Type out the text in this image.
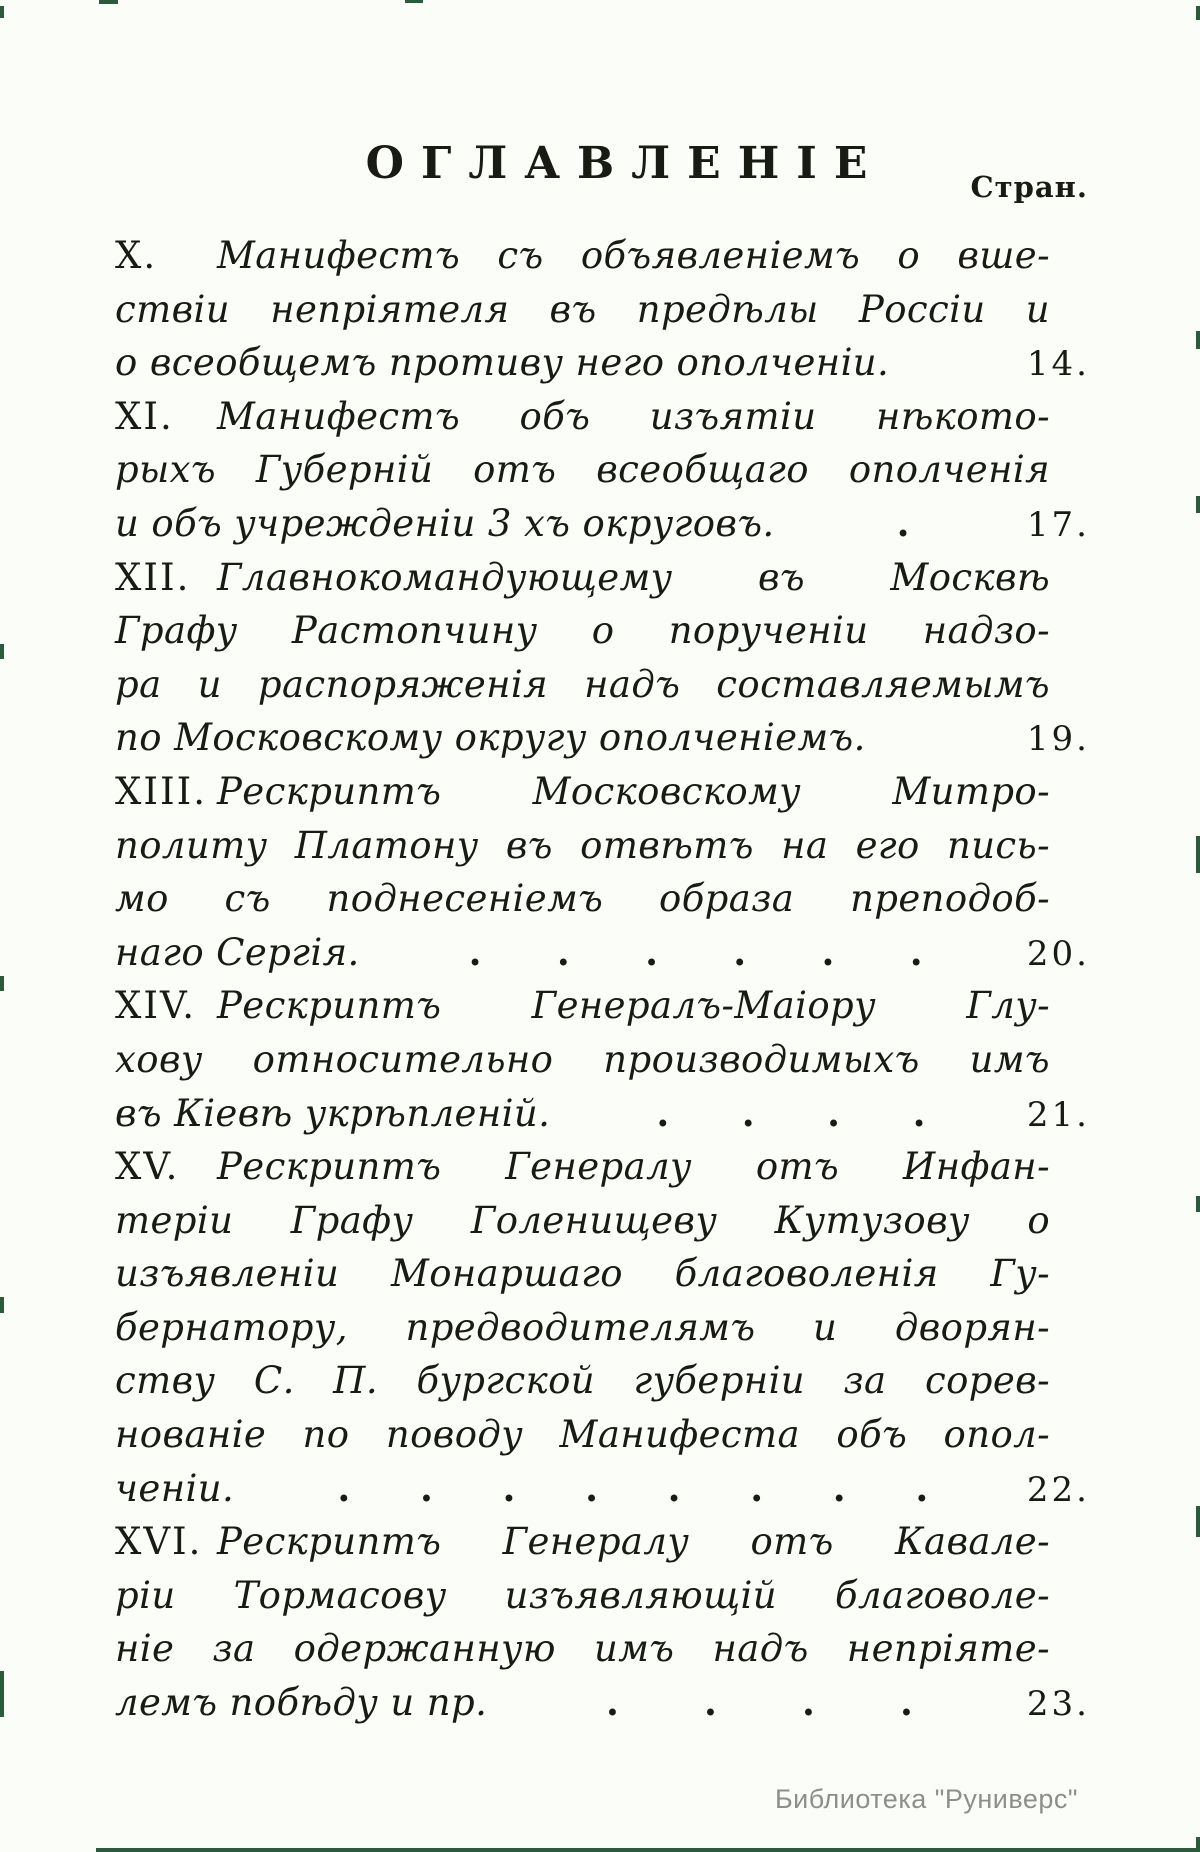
ОГЛАВЛЕНІЕ	Стран.
X. Манифестъ съ объявленіемъ о вше-
ствіи непріятеля въ предѣлы Россіи и
о всеобщемъ противу него ополченіи.	14.
XI. Манифестъ объ изъятіи нѣкото-
рыхъ Губерній отъ всеобщаго ополченія
и объ учрежденіи 3 хъ округовъ.	.	17.
XII. Главнокомандующему въ Москвѣ
Графу Растопчину о порученіи надзо-
ра и распоряженія надъ составляемымъ
по Московскому округу ополченіемъ.	19.
XIII. Рескриптъ Московскому Митро-
политу Платону въ отвѣтъ на его пись-
мо съ поднесеніемъ образа преподоб-
наго Сергія.	. . . . . .	20.
XIV. Рескриптъ Генералъ-Маіору Глу-
хову относительно производимыхъ имъ
въ Кіевѣ укрѣпленій.	. . . .	21.
XV. Рескриптъ Генералу отъ Инфан-
теріи Графу Голенищеву Кутузову о
изъявленіи Монаршаго благоволенія Гу-
бернатору, предводителямъ и дворян-
ству С. П. бургской губерніи за сорев-
нованіе по поводу Манифеста объ опол-
ченіи.	. . . . . . . .	22.
XVI. Рескриптъ Генералу отъ Кавале-
ріи Тормасову изъявляющій благоволе-
ніе за одержанную имъ надъ непріяте-
лемъ побѣду и пр.	. . . .	23.
Библиотека "Руниверс"
